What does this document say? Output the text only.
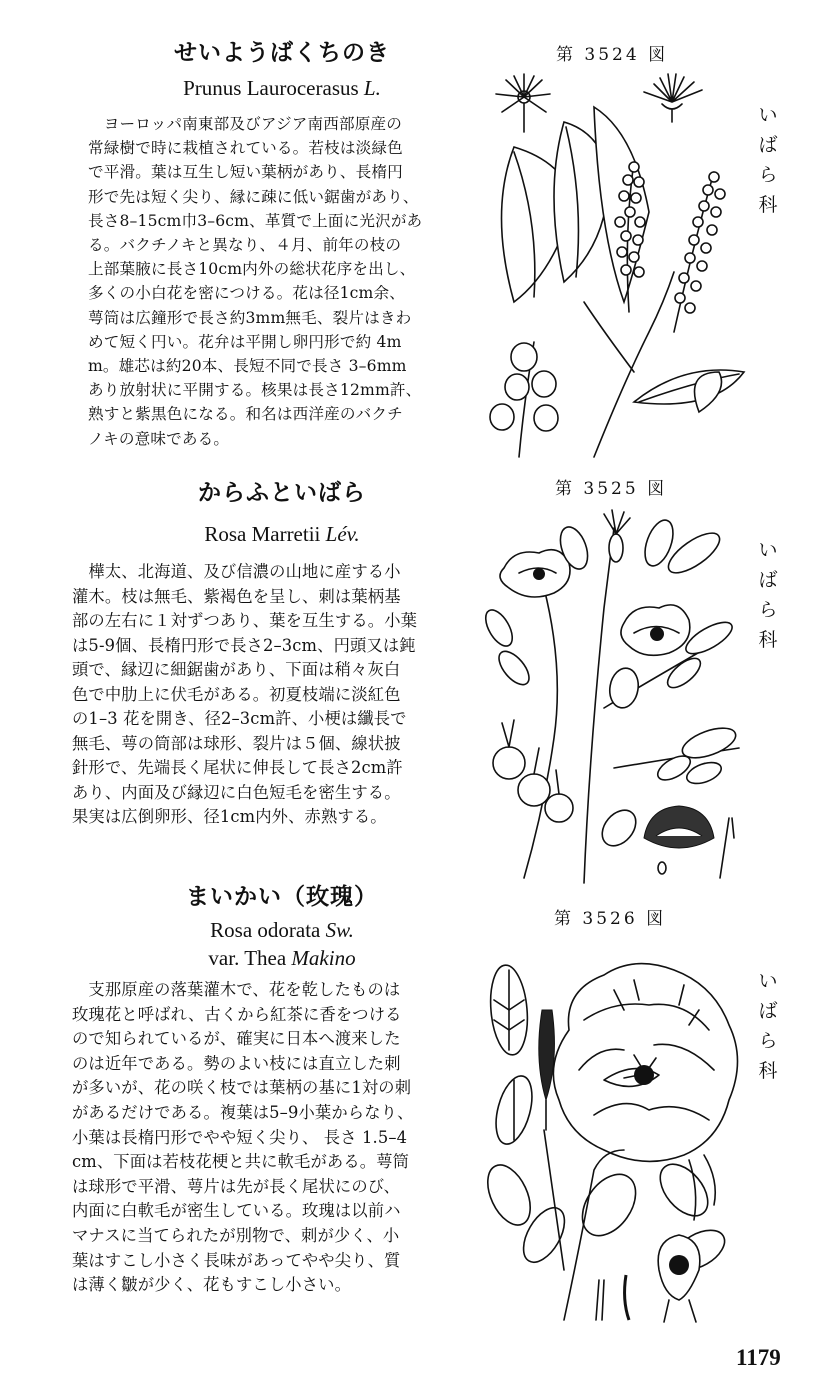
せいようばくちのき

Prunus Laurocerasus L.

　ヨーロッパ南東部及びアジア南西部原産の
常緑樹で時に栽植されている。若枝は淡緑色
で平滑。葉は互生し短い葉柄があり、長楕円
形で先は短く尖り、縁に疎に低い鋸歯があり、
長さ8–15cm巾3–6cm、革質で上面に光沢があ
る。バクチノキと異なり、４月、前年の枝の
上部葉腋に長さ10cm内外の総状花序を出し、
多くの小白花を密につける。花は径1cm余、
萼筒は広鐘形で長さ約3mm無毛、裂片はきわ
めて短く円い。花弁は平開し卵円形で約 4m
m。雄芯は約20本、長短不同で長さ 3–6mm
あり放射状に平開する。核果は長さ12mm許、
熟すと紫黒色になる。和名は西洋産のバクチ
ノキの意味である。
第 3524 図
い
ば
ら
科
からふといばら

Rosa Marretii Lév.

　樺太、北海道、及び信濃の山地に産する小
灌木。枝は無毛、紫褐色を呈し、刺は葉柄基
部の左右に１対ずつあり、葉を互生する。小葉
は5-9個、長楕円形で長さ2–3cm、円頭又は鈍
頭で、縁辺に細鋸歯があり、下面は稍々灰白
色で中肋上に伏毛がある。初夏枝端に淡紅色
の1–3 花を開き、径2–3cm許、小梗は纖長で
無毛、萼の筒部は球形、裂片は５個、線状披
針形で、先端長く尾状に伸長して長さ2cm許
あり、内面及び縁辺に白色短毛を密生する。
果実は広倒卵形、径1cm内外、赤熟する。
第 3525 図
い
ば
ら
科
まいかい（玫瑰）

Rosa odorata Sw.

var. Thea Makino

　支那原産の落葉灌木で、花を乾したものは
玫瑰花と呼ばれ、古くから紅茶に香をつける
ので知られているが、確実に日本へ渡来した
のは近年である。勢のよい枝には直立した刺
が多いが、花の咲く枝では葉柄の基に1対の刺
があるだけである。複葉は5–9小葉からなり、
小葉は長楕円形でやや短く尖り、 長さ 1.5–4
cm、下面は若枝花梗と共に軟毛がある。萼筒
は球形で平滑、萼片は先が長く尾状にのび、
内面に白軟毛が密生している。玫瑰は以前ハ
マナスに当てられたが別物で、刺が少く、小
葉はすこし小さく長味があってやや尖り、質
は薄く皺が少く、花もすこし小さい。
第 3526 図
い
ば
ら
科
1179
